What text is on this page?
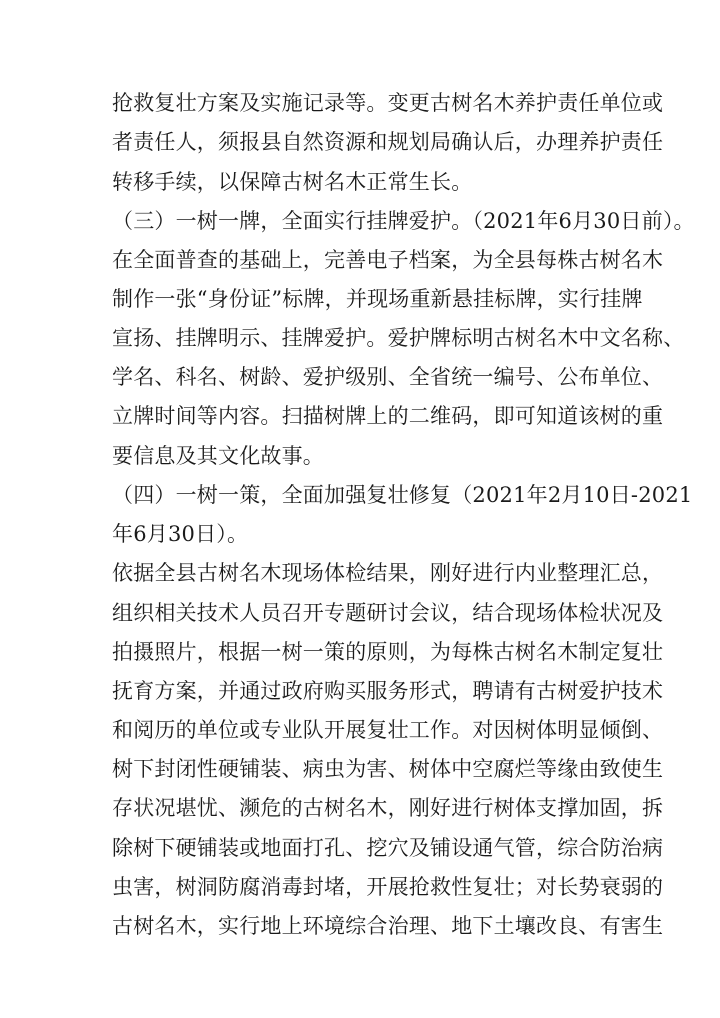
抢救复壮方案及实施记录等。变更古树名木养护责任单位或
者责任人，须报县自然资源和规划局确认后，办理养护责任
转移手续，以保障古树名木正常生长。
（三）一树一牌，全面实行挂牌爱护。（2021年6月30日前）。
在全面普查的基础上，完善电子档案，为全县每株古树名木
制作一张“身份证”标牌，并现场重新悬挂标牌，实行挂牌
宣扬、挂牌明示、挂牌爱护。爱护牌标明古树名木中文名称、
学名、科名、树龄、爱护级别、全省统一编号、公布单位、
立牌时间等内容。扫描树牌上的二维码，即可知道该树的重
要信息及其文化故事。
（四）一树一策，全面加强复壮修复（2021年2月10日-2021
年6月30日）。
依据全县古树名木现场体检结果，刚好进行内业整理汇总，
组织相关技术人员召开专题研讨会议，结合现场体检状况及
拍摄照片，根据一树一策的原则，为每株古树名木制定复壮
抚育方案，并通过政府购买服务形式，聘请有古树爱护技术
和阅历的单位或专业队开展复壮工作。对因树体明显倾倒、
树下封闭性硬铺装、病虫为害、树体中空腐烂等缘由致使生
存状况堪忧、濒危的古树名木，刚好进行树体支撑加固，拆
除树下硬铺装或地面打孔、挖穴及铺设通气管，综合防治病
虫害，树洞防腐消毒封堵，开展抢救性复壮；对长势衰弱的
古树名木，实行地上环境综合治理、地下土壤改良、有害生
